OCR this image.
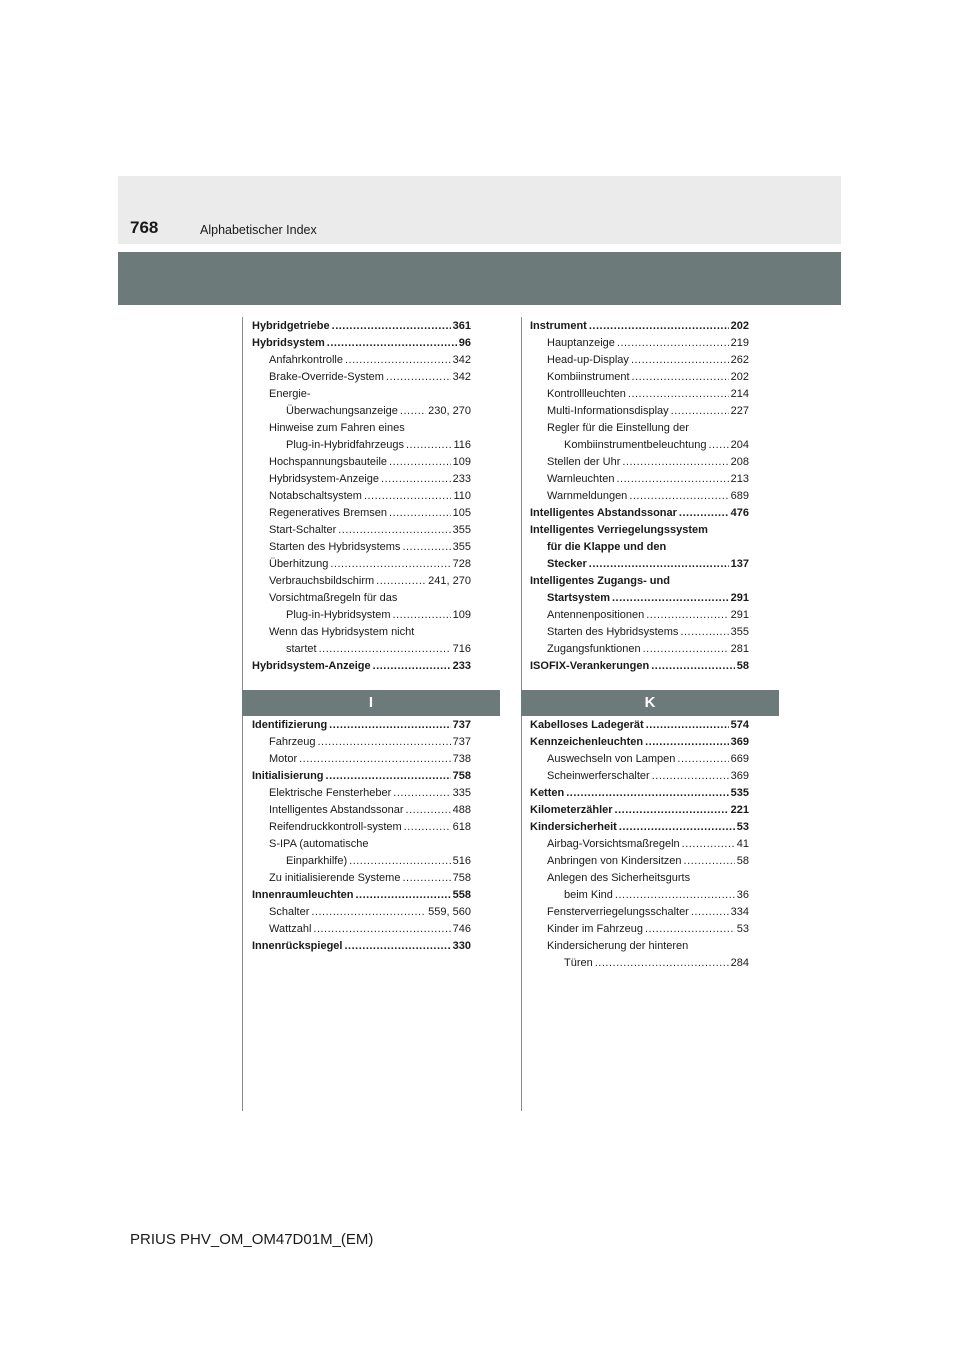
768	Alphabetischer Index
Hybridgetriebe .....	361
Hybridsystem .....	96
Anfahrkontrolle .....	342
Brake-Override-System .....	342
Energie-
Überwachungsanzeige .....	230, 270
Hinweise zum Fahren eines
Plug-in-Hybridfahrzeugs .....	116
Hochspannungsbauteile .....	109
Hybridsystem-Anzeige .....	233
Notabschaltsystem .....	110
Regeneratives Bremsen .....	105
Start-Schalter .....	355
Starten des Hybridsystems .....	355
Überhitzung .....	728
Verbrauchsbildschirm .....	241, 270
Vorsichtmaßregeln für das
Plug-in-Hybridsystem .....	109
Wenn das Hybridsystem nicht
startet .....	716
Hybridsystem-Anzeige .....	233
I
Identifizierung .....	737
Fahrzeug .....	737
Motor .....	738
Initialisierung .....	758
Elektrische Fensterheber .....	335
Intelligentes Abstandssonar .....	488
Reifendruckkontroll-system .....	618
S-IPA (automatische
Einparkhilfe) .....	516
Zu initialisierende Systeme .....	758
Innenraumleuchten .....	558
Schalter .....	559, 560
Wattzahl .....	746
Innenrückspiegel .....	330
Instrument .....	202
Hauptanzeige .....	219
Head-up-Display .....	262
Kombiinstrument .....	202
Kontrollleuchten .....	214
Multi-Informationsdisplay .....	227
Regler für die Einstellung der
Kombiinstrumentbeleuchtung ..... 204
Stellen der Uhr .....	208
Warnleuchten .....	213
Warnmeldungen .....	689
Intelligentes Abstandssonar .....	476
Intelligentes Verriegelungssystem
für die Klappe und den
Stecker .....	137
Intelligentes Zugangs- und
Startsystem .....	291
Antennenpositionen .....	291
Starten des Hybridsystems .....	355
Zugangsfunktionen .....	281
ISOFIX-Verankerungen .....	58
K
Kabelloses Ladegerät .....	574
Kennzeichenleuchten .....	369
Auswechseln von Lampen .....	669
Scheinwerferschalter .....	369
Ketten .....	535
Kilometerzähler .....	221
Kindersicherheit .....	53
Airbag-Vorsichtsmaßregeln .....	41
Anbringen von Kindersitzen .....	58
Anlegen des Sicherheitsgurts
beim Kind .....	36
Fensterverriegelungsschalter .....	334
Kinder im Fahrzeug .....	53
Kindersicherung der hinteren
Türen .....	284
PRIUS PHV_OM_OM47D01M_(EM)
